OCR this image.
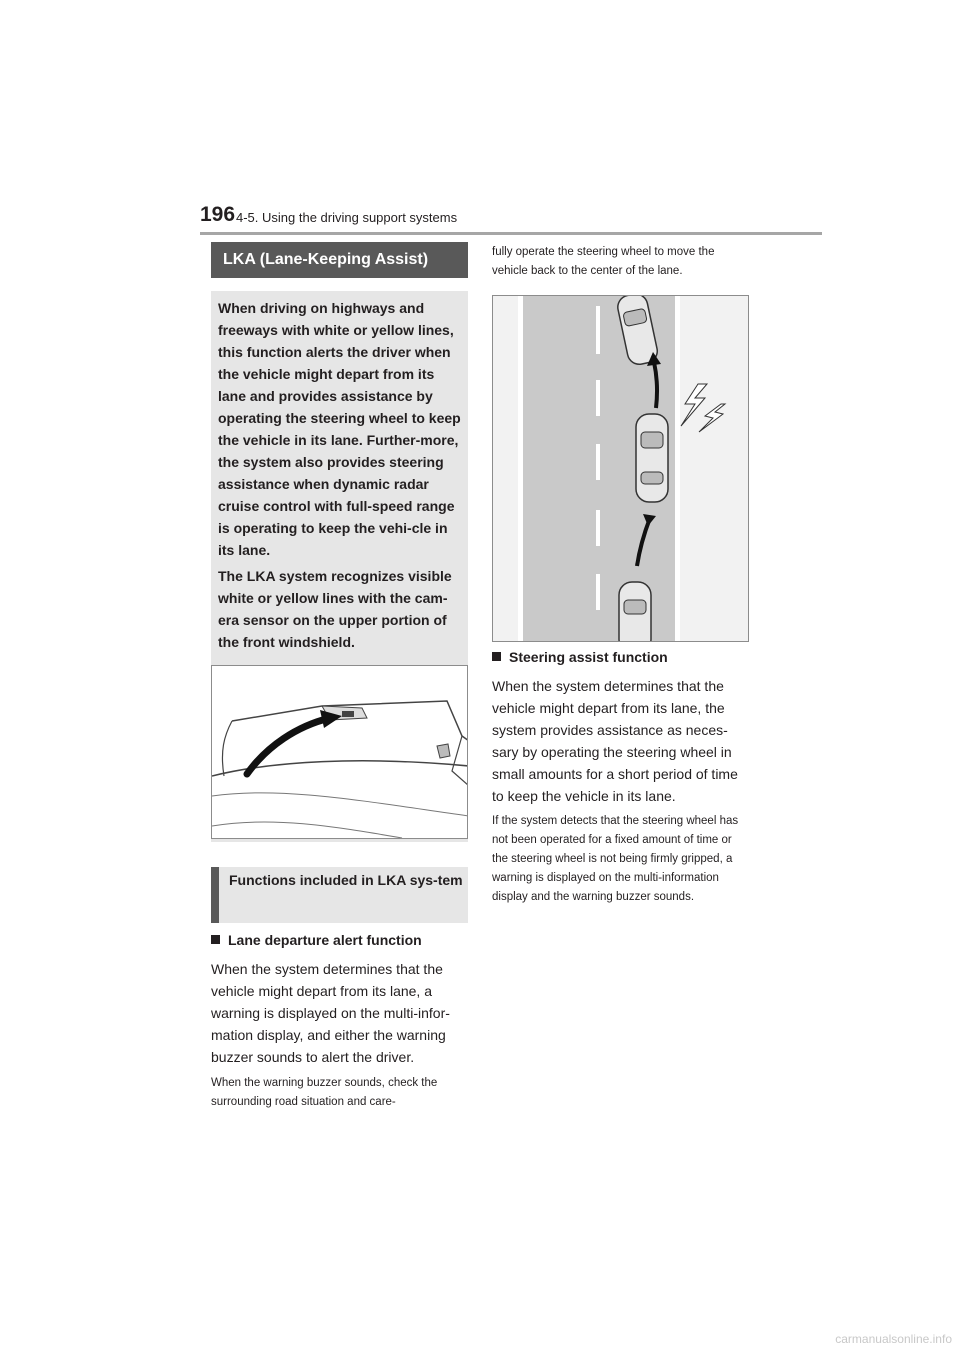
196 4-5. Using the driving support systems
LKA (Lane-Keeping Assist)

When driving on highways and freeways with white or yellow lines, this function alerts the driver when the vehicle might depart from its lane and provides assistance by operating the steering wheel to keep the vehicle in its lane. Further-more, the system also provides steering assistance when dynamic radar cruise control with full-speed range is operating to keep the vehi-cle in its lane.

The LKA system recognizes visible white or yellow lines with the cam-era sensor on the upper portion of the front windshield.

Functions included in LKA sys-tem
Lane departure alert function

When the system determines that the vehicle might depart from its lane, a warning is displayed on the multi-infor-mation display, and either the warning buzzer sounds to alert the driver.

When the warning buzzer sounds, check the surrounding road situation and care-

fully operate the steering wheel to move the vehicle back to the center of the lane.

Steering assist function

When the system determines that the vehicle might depart from its lane, the system provides assistance as neces-sary by operating the steering wheel in small amounts for a short period of time to keep the vehicle in its lane.

If the system detects that the steering wheel has not been operated for a fixed amount of time or the steering wheel is not being firmly gripped, a warning is displayed on the multi-information display and the warning buzzer sounds.

carmanualsonline.info
